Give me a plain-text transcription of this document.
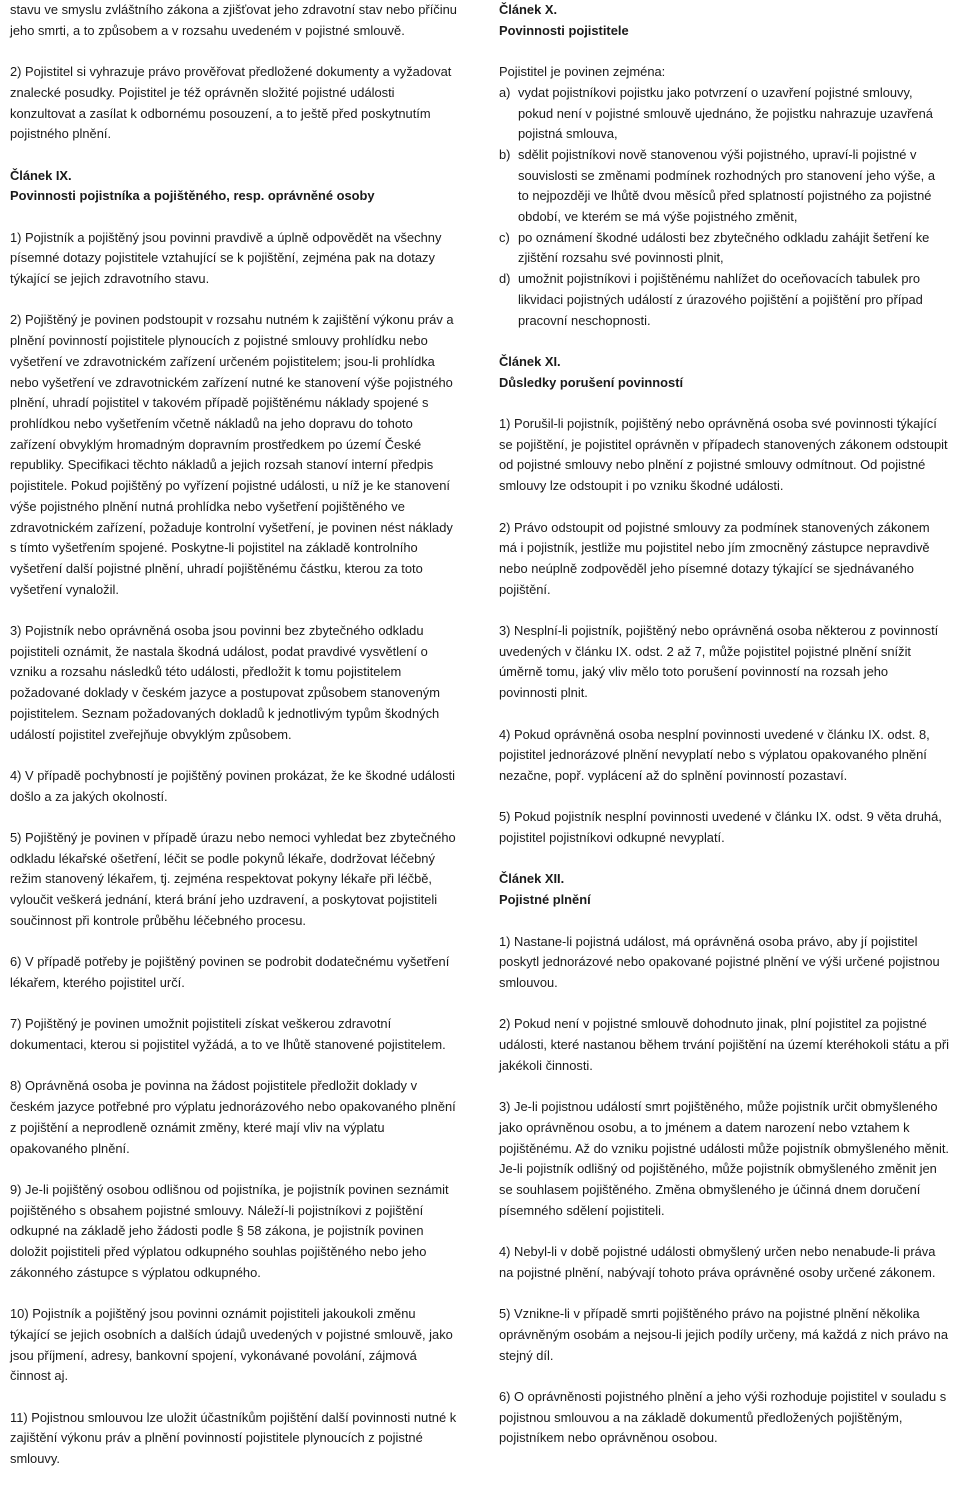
stavu ve smyslu zvláštního zákona a zjišťovat jeho zdravotní stav nebo příčinu jeho smrti, a to způsobem a v rozsahu uvedeném v pojistné smlouvě.

2) Pojistitel si vyhrazuje právo prověřovat předložené dokumenty a vyžadovat znalecké posudky. Pojistitel je též oprávněn složité pojistné události konzultovat a zasílat k odbornému posouzení, a to ještě před poskytnutím pojistného plnění.

Článek IX.

Povinnosti pojistníka a pojištěného, resp. oprávněné osoby

1) Pojistník a pojištěný jsou povinni pravdivě a úplně odpovědět na všechny písemné dotazy pojistitele vztahující se k pojištění, zejména pak na dotazy týkající se jejich zdravotního stavu.

2) Pojištěný je povinen podstoupit v rozsahu nutném k zajištění výkonu práv a plnění povinností pojistitele plynoucích z pojistné smlouvy prohlídku nebo vyšetření ve zdravotnickém zařízení určeném pojistitelem; jsou-li prohlídka nebo vyšetření ve zdravotnickém zařízení nutné ke stanovení výše pojistného plnění, uhradí pojistitel v takovém případě pojištěnému náklady spojené s prohlídkou nebo vyšetřením včetně nákladů na jeho dopravu do tohoto zařízení obvyklým hromadným dopravním prostředkem po území České republiky. Specifikaci těchto nákladů a jejich rozsah stanoví interní předpis pojistitele. Pokud pojištěný po vyřízení pojistné události, u níž je ke stanovení výše pojistného plnění nutná prohlídka nebo vyšetření pojištěného ve zdravotnickém zařízení, požaduje kontrolní vyšetření, je povinen nést náklady s tímto vyšetřením spojené. Poskytne-li pojistitel na základě kontrolního vyšetření další pojistné plnění, uhradí pojištěnému částku, kterou za toto vyšetření vynaložil.

3) Pojistník nebo oprávněná osoba jsou povinni bez zbytečného odkladu pojistiteli oznámit, že nastala škodná událost, podat pravdivé vysvětlení o vzniku a rozsahu následků této události, předložit k tomu pojistitelem požadované doklady v českém jazyce a postupovat způsobem stanoveným pojistitelem. Seznam požadovaných dokladů k jednotlivým typům škodných událostí pojistitel zveřejňuje obvyklým způsobem.

4) V případě pochybností je pojištěný povinen prokázat, že ke škodné události došlo a za jakých okolností.

5) Pojištěný je povinen v případě úrazu nebo nemoci vyhledat bez zbytečného odkladu lékařské ošetření, léčit se podle pokynů lékaře, dodržovat léčebný režim stanovený lékařem, tj. zejména respektovat pokyny lékaře při léčbě, vyloučit veškerá jednání, která brání jeho uzdravení, a poskytovat pojistiteli součinnost při kontrole průběhu léčebného procesu.

6) V případě potřeby je pojištěný povinen se podrobit dodatečnému vyšetření lékařem, kterého pojistitel určí.

7) Pojištěný je povinen umožnit pojistiteli získat veškerou zdravotní dokumentaci, kterou si pojistitel vyžádá, a to ve lhůtě stanovené pojistitelem.

8) Oprávněná osoba je povinna na žádost pojistitele předložit doklady v českém jazyce potřebné pro výplatu jednorázového nebo opakovaného plnění z pojištění a neprodleně oznámit změny, které mají vliv na výplatu opakovaného plnění.

9) Je-li pojištěný osobou odlišnou od pojistníka, je pojistník povinen seznámit pojištěného s obsahem pojistné smlouvy. Náleží-li pojistníkovi z pojištění odkupné na základě jeho žádosti podle § 58 zákona, je pojistník povinen doložit pojistiteli před výplatou odkupného souhlas pojištěného nebo jeho zákonného zástupce s výplatou odkupného.

10) Pojistník a pojištěný jsou povinni oznámit pojistiteli jakoukoli změnu týkající se jejich osobních a dalších údajů uvedených v pojistné smlouvě, jako jsou příjmení, adresy, bankovní spojení, vykonávané povolání, zájmová činnost aj.

11) Pojistnou smlouvou lze uložit účastníkům pojištění další povinnosti nutné k zajištění výkonu práv a plnění povinností pojistitele plynoucích z pojistné smlouvy.

Článek X.

Povinnosti pojistitele

Pojistitel je povinen zejména:

a) vydat pojistníkovi pojistku jako potvrzení o uzavření pojistné smlouvy, pokud není v pojistné smlouvě ujednáno, že pojistku nahrazuje uzavřená pojistná smlouva,
b) sdělit pojistníkovi nově stanovenou výši pojistného, upraví-li pojistné v souvislosti se změnami podmínek rozhodných pro stanovení jeho výše, a to nejpozději ve lhůtě dvou měsíců před splatností pojistného za pojistné období, ve kterém se má výše pojistného změnit,
c) po oznámení škodné události bez zbytečného odkladu zahájit šetření ke zjištění rozsahu své povinnosti plnit,
d) umožnit pojistníkovi i pojištěnému nahlížet do oceňovacích tabulek pro likvidaci pojistných událostí z úrazového pojištění a pojištění pro případ pracovní neschopnosti.

Článek XI.

Důsledky porušení povinností

1) Porušil-li pojistník, pojištěný nebo oprávněná osoba své povinnosti týkající se pojištění, je pojistitel oprávněn v případech stanovených zákonem odstoupit od pojistné smlouvy nebo plnění z pojistné smlouvy odmítnout. Od pojistné smlouvy lze odstoupit i po vzniku škodné události.

2) Právo odstoupit od pojistné smlouvy za podmínek stanovených zákonem má i pojistník, jestliže mu pojistitel nebo jím zmocněný zástupce nepravdivě nebo neúplně zodpověděl jeho písemné dotazy týkající se sjednávaného pojištění.

3) Nesplní-li pojistník, pojištěný nebo oprávněná osoba některou z povinností uvedených v článku IX. odst. 2 až 7, může pojistitel pojistné plnění snížit úměrně tomu, jaký vliv mělo toto porušení povinností na rozsah jeho povinnosti plnit.

4) Pokud oprávněná osoba nesplní povinnosti uvedené v článku IX. odst. 8, pojistitel jednorázové plnění nevyplatí nebo s výplatou opakovaného plnění nezačne, popř. vyplácení až do splnění povinností pozastaví.

5) Pokud pojistník nesplní povinnosti uvedené v článku IX. odst. 9 věta druhá, pojistitel pojistníkovi odkupné nevyplatí.

Článek XII.

Pojistné plnění

1) Nastane-li pojistná událost, má oprávněná osoba právo, aby jí pojistitel poskytl jednorázové nebo opakované pojistné plnění ve výši určené pojistnou smlouvou.

2) Pokud není v pojistné smlouvě dohodnuto jinak, plní pojistitel za pojistné události, které nastanou během trvání pojištění na území kteréhokoli státu a při jakékoli činnosti.

3) Je-li pojistnou událostí smrt pojištěného, může pojistník určit obmyšleného jako oprávněnou osobu, a to jménem a datem narození nebo vztahem k pojištěnému. Až do vzniku pojistné události může pojistník obmyšleného měnit. Je-li pojistník odlišný od pojištěného, může pojistník obmyšleného změnit jen se souhlasem pojištěného. Změna obmyšleného je účinná dnem doručení písemného sdělení pojistiteli.

4) Nebyl-li v době pojistné události obmyšlený určen nebo nenabude-li práva na pojistné plnění, nabývají tohoto práva oprávněné osoby určené zákonem.

5) Vznikne-li v případě smrti pojištěného právo na pojistné plnění několika oprávněným osobám a nejsou-li jejich podíly určeny, má každá z nich právo na stejný díl.

6) O oprávněnosti pojistného plnění a jeho výši rozhoduje pojistitel v souladu s pojistnou smlouvou a na základě dokumentů předložených pojištěným, pojistníkem nebo oprávněnou osobou.
